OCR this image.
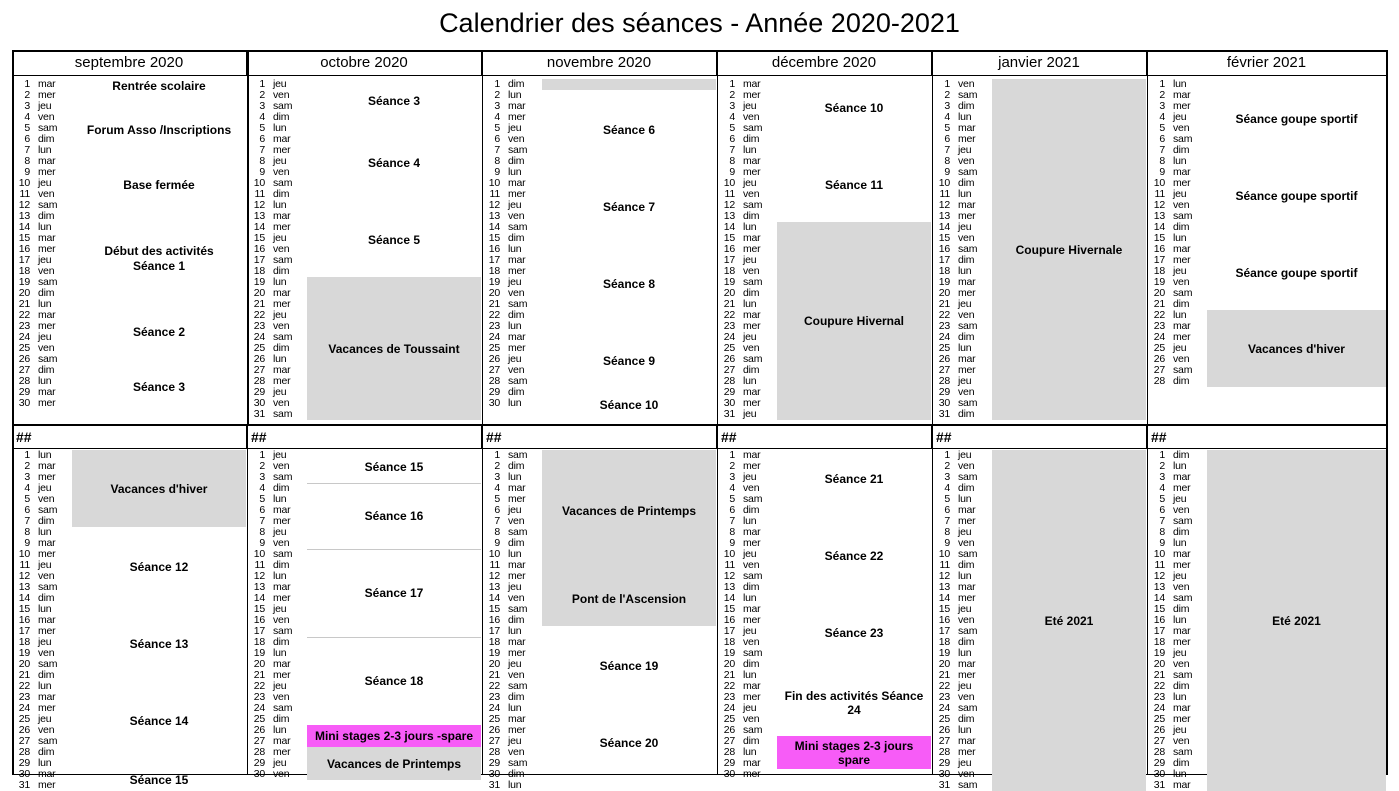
Calendrier des séances - Année 2020-2021
septembre 2020
1 mar
2 mer
3 jeu
4 ven
5 sam
6 dim
7 lun
8 mar
9 mer
10 jeu
11 ven
12 sam
13 dim
14 lun
15 mar
16 mer
17 jeu
18 ven
19 sam
20 dim
21 lun
22 mar
23 mer
24 jeu
25 ven
26 sam
27 dim
28 lun
29 mar
30 mer
Rentrée scolaire
Forum Asso /Inscriptions
Base fermée
Début des activités
Séance 1
Séance 2
Séance 3
octobre 2020
1 jeu
2 ven
3 sam
4 dim
5 lun
6 mar
7 mer
8 jeu
9 ven
10 sam
11 dim
12 lun
13 mar
14 mer
15 jeu
16 ven
17 sam
18 dim
19 lun
20 mar
21 mer
22 jeu
23 ven
24 sam
25 dim
26 lun
27 mar
28 mer
29 jeu
30 ven
31 sam
Séance 3
Séance 4
Séance 5
Vacances de Toussaint
novembre 2020
1 dim
2 lun
3 mar
4 mer
5 jeu
6 ven
7 sam
8 dim
9 lun
10 mar
11 mer
12 jeu
13 ven
14 sam
15 dim
16 lun
17 mar
18 mer
19 jeu
20 ven
21 sam
22 dim
23 lun
24 mar
25 mer
26 jeu
27 ven
28 sam
29 dim
30 lun
Séance 6
Séance 7
Séance 8
Séance 9
Séance 10
décembre 2020
1 mar
2 mer
3 jeu
4 ven
5 sam
6 dim
7 lun
8 mar
9 mer
10 jeu
11 ven
12 sam
13 dim
14 lun
15 mar
16 mer
17 jeu
18 ven
19 sam
20 dim
21 lun
22 mar
23 mer
24 jeu
25 ven
26 sam
27 dim
28 lun
29 mar
30 mer
31 jeu
Séance 10
Séance 11
Coupure Hivernal
janvier 2021
1 ven
2 sam
3 dim
4 lun
5 mar
6 mer
7 jeu
8 ven
9 sam
10 dim
11 lun
12 mar
13 mer
14 jeu
15 ven
16 sam
17 dim
18 lun
19 mar
20 mer
21 jeu
22 ven
23 sam
24 dim
25 lun
26 mar
27 mer
28 jeu
29 ven
30 sam
31 dim
Coupure Hivernale
février 2021
1 lun
2 mar
3 mer
4 jeu
5 ven
6 sam
7 dim
8 lun
9 mar
10 mer
11 jeu
12 ven
13 sam
14 dim
15 lun
16 mar
17 mer
18 jeu
19 ven
20 sam
21 dim
22 lun
23 mar
24 mer
25 jeu
26 ven
27 sam
28 dim
Séance goupe sportif
Séance goupe sportif
Séance goupe sportif
Vacances d'hiver
##
1 lun
2 mar
3 mer
4 jeu
5 ven
6 sam
7 dim
8 lun
9 mar
10 mer
11 jeu
12 ven
13 sam
14 dim
15 lun
16 mar
17 mer
18 jeu
19 ven
20 sam
21 dim
22 lun
23 mar
24 mer
25 jeu
26 ven
27 sam
28 dim
29 lun
30 mar
31 mer
Vacances d'hiver
Séance 12
Séance 13
Séance 14
Séance 15
##
1 jeu
2 ven
3 sam
4 dim
5 lun
6 mar
7 mer
8 jeu
9 ven
10 sam
11 dim
12 lun
13 mar
14 mer
15 jeu
16 ven
17 sam
18 dim
19 lun
20 mar
21 mer
22 jeu
23 ven
24 sam
25 dim
26 lun
27 mar
28 mer
29 jeu
30 ven
Séance 15
Séance 16
Séance 17
Séance 18
Mini stages 2-3 jours -spare
Vacances de Printemps
##
1 sam
2 dim
3 lun
4 mar
5 mer
6 jeu
7 ven
8 sam
9 dim
10 lun
11 mar
12 mer
13 jeu
14 ven
15 sam
16 dim
17 lun
18 mar
19 mer
20 jeu
21 ven
22 sam
23 dim
24 lun
25 mar
26 mer
27 jeu
28 ven
29 sam
30 dim
31 lun
Vacances de Printemps
Pont de l'Ascension
Séance 19
Séance 20
##
1 mar
2 mer
3 jeu
4 ven
5 sam
6 dim
7 lun
8 mar
9 mer
10 jeu
11 ven
12 sam
13 dim
14 lun
15 mar
16 mer
17 jeu
18 ven
19 sam
20 dim
21 lun
22 mar
23 mer
24 jeu
25 ven
26 sam
27 dim
28 lun
29 mar
30 mer
Séance 21
Séance 22
Séance 23
Fin des activités Séance 24
Mini stages 2-3 jours spare
##
1 jeu
2 ven
3 sam
4 dim
5 lun
6 mar
7 mer
8 jeu
9 ven
10 sam
11 dim
12 lun
13 mar
14 mer
15 jeu
16 ven
17 sam
18 dim
19 lun
20 mar
21 mer
22 jeu
23 ven
24 sam
25 dim
26 lun
27 mar
28 mer
29 jeu
30 ven
31 sam
Eté 2021
##
1 dim
2 lun
3 mar
4 mer
5 jeu
6 ven
7 sam
8 dim
9 lun
10 mar
11 mer
12 jeu
13 ven
14 sam
15 dim
16 lun
17 mar
18 mer
19 jeu
20 ven
21 sam
22 dim
23 lun
24 mar
25 mer
26 jeu
27 ven
28 sam
29 dim
30 lun
31 mar
Eté 2021
